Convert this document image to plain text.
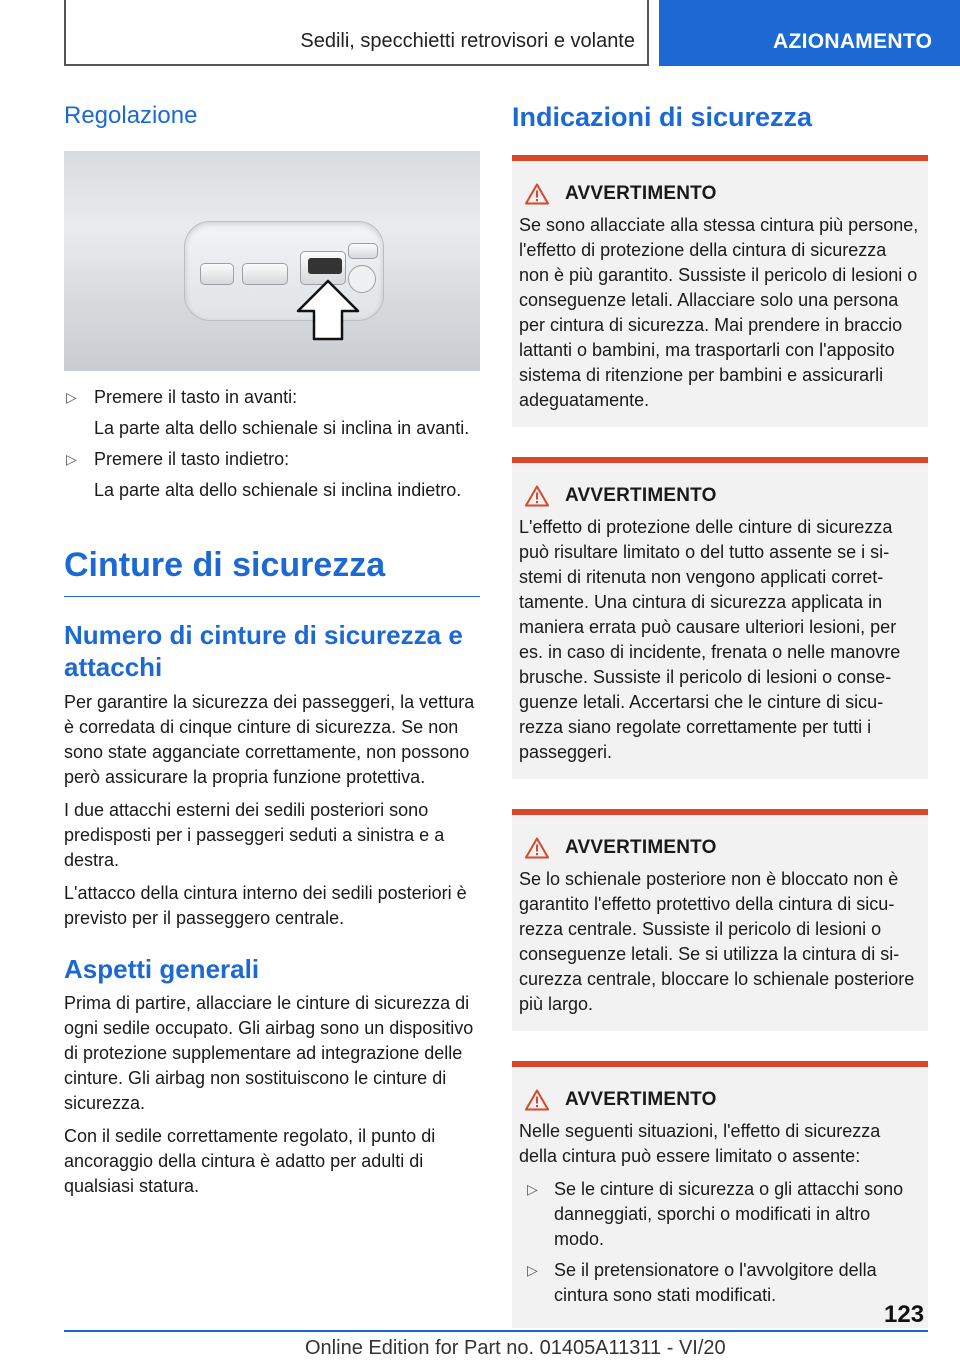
Sedili, specchietti retrovisori e volante	AZIONAMENTO
Regolazione
▷ Premere il tasto in avanti:
La parte alta dello schienale si inclina in avanti.
▷ Premere il tasto indietro:
La parte alta dello schienale si inclina indietro.
Cinture di sicurezza
Numero di cinture di sicurezza e attacchi

Per garantire la sicurezza dei passeggeri, la vettura è corredata di cinque cinture di sicurezza. Se non sono state agganciate correttamente, non possono però assicurare la propria funzione protettiva.

I due attacchi esterni dei sedili posteriori sono predisposti per i passeggeri seduti a sinistra e a destra.

L'attacco della cintura interno dei sedili posteriori è previsto per il passeggero centrale.

Aspetti generali

Prima di partire, allacciare le cinture di sicurezza di ogni sedile occupato. Gli airbag sono un dispositivo di protezione supplementare ad integrazione delle cinture. Gli airbag non sostituiscono le cinture di sicurezza.

Con il sedile correttamente regolato, il punto di ancoraggio della cintura è adatto per adulti di qualsiasi statura.

Indicazioni di sicurezza
AVVERTIMENTO

Se sono allacciate alla stessa cintura più persone, l'effetto di protezione della cintura di sicurezza non è più garantito. Sussiste il pericolo di lesioni o conseguenze letali. Allacciare solo una persona per cintura di sicurezza. Mai prendere in braccio lattanti o bambini, ma trasportarli con l'apposito sistema di ritenzione per bambini e assicurarli adeguatamente.

AVVERTIMENTO

L'effetto di protezione delle cinture di sicurezza può risultare limitato o del tutto assente se i sistemi di ritenuta non vengono applicati correttamente. Una cintura di sicurezza applicata in maniera errata può causare ulteriori lesioni, per es. in caso di incidente, frenata o nelle manovre brusche. Sussiste il pericolo di lesioni o conseguenze letali. Accertarsi che le cinture di sicurezza siano regolate correttamente per tutti i passeggeri.

AVVERTIMENTO

Se lo schienale posteriore non è bloccato non è garantito l'effetto protettivo della cintura di sicurezza centrale. Sussiste il pericolo di lesioni o conseguenze letali. Se si utilizza la cintura di sicurezza centrale, bloccare lo schienale posteriore più largo.

AVVERTIMENTO

Nelle seguenti situazioni, l'effetto di sicurezza della cintura può essere limitato o assente:

▷ Se le cinture di sicurezza o gli attacchi sono danneggiati, sporchi o modificati in altro modo.
▷ Se il pretensionatore o l'avvolgitore della cintura sono stati modificati.
123
Online Edition for Part no. 01405A11311 - VI/20
